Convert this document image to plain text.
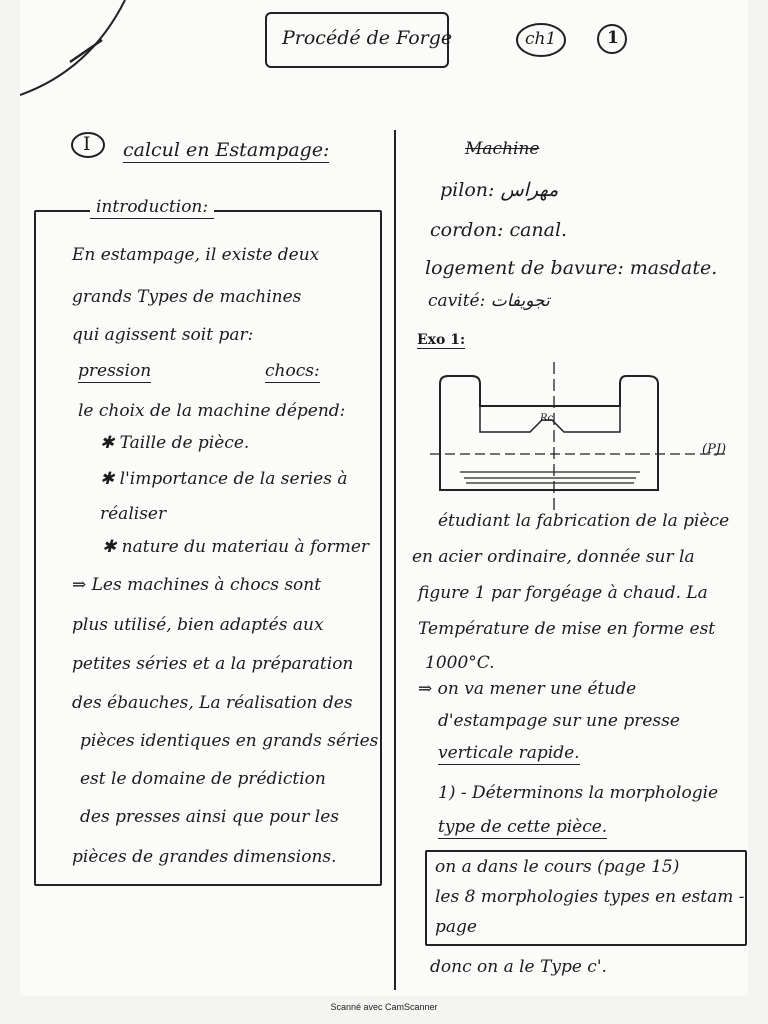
Procédé de Forge	ch1	1
I calcul en Estampage:
introduction:
En estampage, il existe deux
grands Types de machines
qui agissent soit par:
pression	chocs:
le choix de la machine dépend:
✱ Taille de pièce.
✱ l'importance de la series à
réaliser
✱ nature du materiau à former
⇒ Les machines à chocs sont
plus utilisé, bien adaptés aux
petites séries et a la préparation
des ébauches, La réalisation des
pièces identiques en grands séries
est le domaine de prédiction
des presses ainsi que pour les
pièces de grandes dimensions.
Machine
pilon: مهراس
cordon: canal.
logement de bavure: masdate.
cavité: تجويفات
Exo 1:
Rc
(PJ)
étudiant la fabrication de la pièce
en acier ordinaire, donnée sur la
figure 1 par forgéage à chaud. La
Température de mise en forme est
1000°C.
⇒ on va mener une étude
d'estampage sur une presse
verticale rapide.
1) - Déterminons la morphologie
type de cette pièce.
on a dans le cours (page 15)
les 8 morphologies types en estam -
page
donc on a le Type c'.
Scanné avec CamScanner
